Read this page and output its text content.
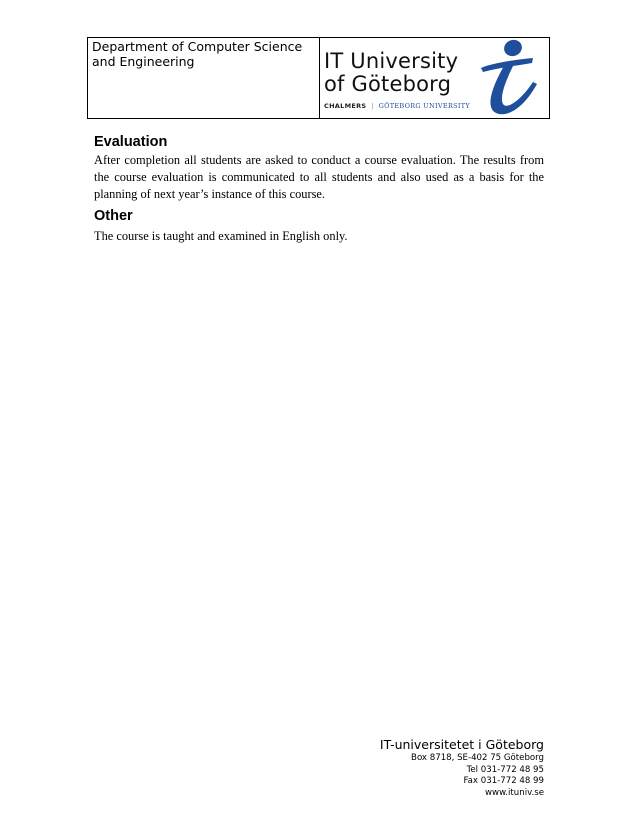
Department of Computer Science and Engineering	IT University
of Göteborg
CHALMERS | GÖTEBORG UNIVERSITY
Evaluation

After completion all students are asked to conduct a course evaluation. The results from the course evaluation is communicated to all students and also used as a basis for the planning of next year’s instance of this course.

Other

The course is taught and examined in English only.

IT-universitetet i Göteborg
Box 8718, SE-402 75 Göteborg
Tel 031-772 48 95
Fax 031-772 48 99
www.ituniv.se
